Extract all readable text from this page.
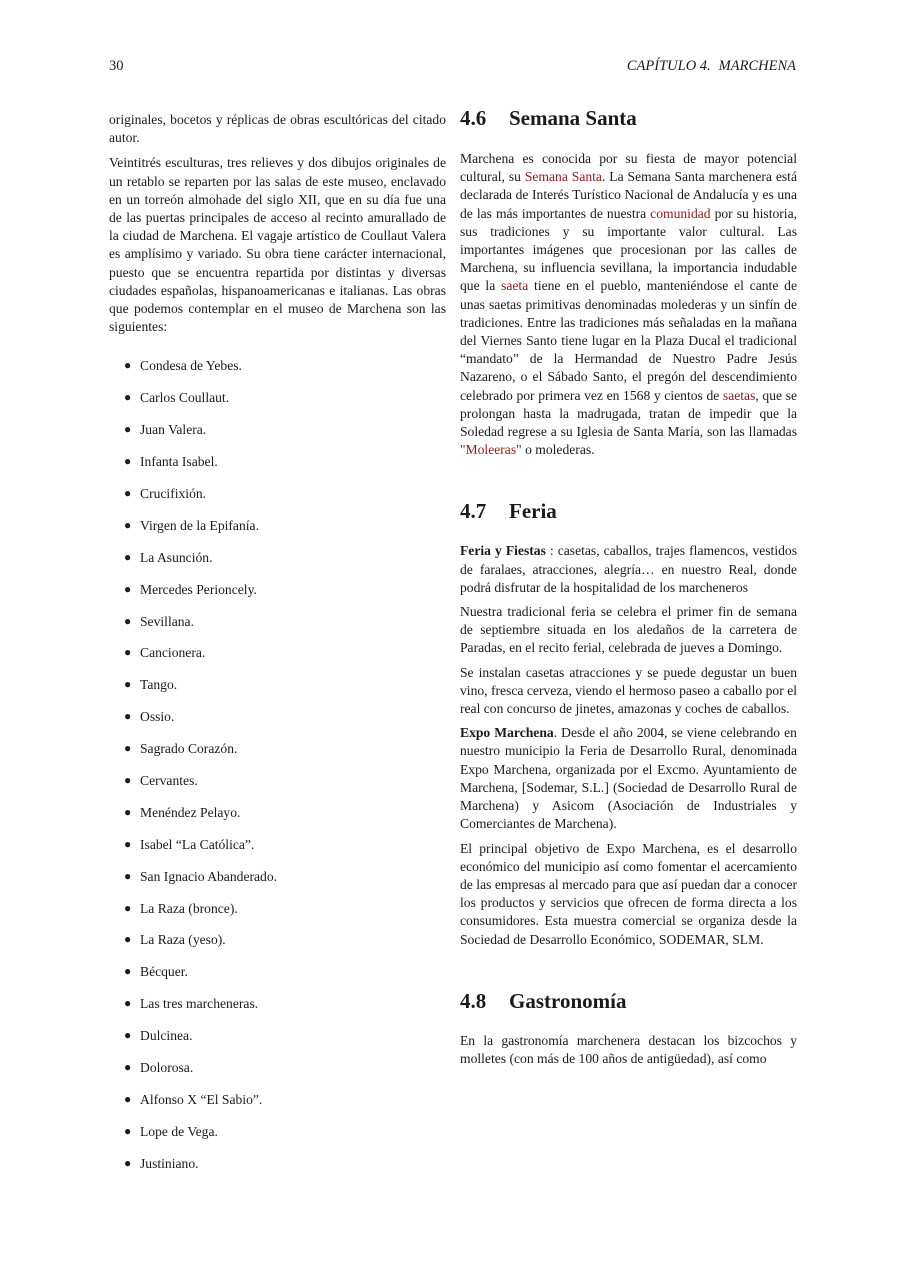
30	CAPÍTULO 4. MARCHENA

originales, bocetos y réplicas de obras escultóricas del citado autor.

Veintitrés esculturas, tres relieves y dos dibujos originales de un retablo se reparten por las salas de este museo, enclavado en un torreón almohade del siglo XII, que en su día fue una de las puertas principales de acceso al recinto amurallado de la ciudad de Marchena. El vagaje artístico de Coullaut Valera es amplísimo y variado. Su obra tiene carácter internacional, puesto que se encuentra repartida por distintas y diversas ciudades españolas, hispanoamericanas e italianas. Las obras que podemos contemplar en el museo de Marchena son las siguientes:

● Condesa de Yebes.
● Carlos Coullaut.
● Juan Valera.
● Infanta Isabel.
● Crucifixión.
● Virgen de la Epifanía.
● La Asunción.
● Mercedes Perioncely.
● Sevillana.
● Cancionera.
● Tango.
● Ossio.
● Sagrado Corazón.
● Cervantes.
● Menéndez Pelayo.
● Isabel “La Católica”.
● San Ignacio Abanderado.
● La Raza (bronce).
● La Raza (yeso).
● Bécquer.
● Las tres marcheneras.
● Dulcinea.
● Dolorosa.
● Alfonso X “El Sabio”.
● Lope de Vega.
● Justiniano.
4.6 Semana Santa

Marchena es conocida por su fiesta de mayor potencial cultural, su Semana Santa. La Semana Santa marchenera está declarada de Interés Turístico Nacional de Andalucía y es una de las más importantes de nuestra comunidad por su historia, sus tradiciones y su importante valor cultural. Las importantes imágenes que procesionan por las calles de Marchena, su influencia sevillana, la importancia indudable que la saeta tiene en el pueblo, manteniéndose el cante de unas saetas primitivas denominadas molederas y un sinfín de tradiciones. Entre las tradiciones más señaladas en la mañana del Viernes Santo tiene lugar en la Plaza Ducal el tradicional “mandato” de la Hermandad de Nuestro Padre Jesús Nazareno, o el Sábado Santo, el pregón del descendimiento celebrado por primera vez en 1568 y cientos de saetas, que se prolongan hasta la madrugada, tratan de impedir que la Soledad regrese a su Iglesia de Santa María, son las llamadas "Moleeras" o molederas.

4.7 Feria

Feria y Fiestas : casetas, caballos, trajes flamencos, vestidos de faralaes, atracciones, alegría… en nuestro Real, donde podrá disfrutar de la hospitalidad de los marcheneros

Nuestra tradicional feria se celebra el primer fin de semana de septiembre situada en los aledaños de la carretera de Paradas, en el recito ferial, celebrada de jueves a Domingo.

Se instalan casetas atracciones y se puede degustar un buen vino, fresca cerveza, viendo el hermoso paseo a caballo por el real con concurso de jinetes, amazonas y coches de caballos.

Expo Marchena. Desde el año 2004, se viene celebrando en nuestro municipio la Feria de Desarrollo Rural, denominada Expo Marchena, organizada por el Excmo. Ayuntamiento de Marchena, [Sodemar, S.L.] (Sociedad de Desarrollo Rural de Marchena) y Asicom (Asociación de Industriales y Comerciantes de Marchena).

El principal objetivo de Expo Marchena, es el desarrollo económico del municipio así como fomentar el acercamiento de las empresas al mercado para que así puedan dar a conocer los productos y servicios que ofrecen de forma directa a los consumidores. Esta muestra comercial se organiza desde la Sociedad de Desarrollo Económico, SODEMAR, SLM.

4.8 Gastronomía

En la gastronomía marchenera destacan los bizcochos y molletes (con más de 100 años de antigüedad), así como
